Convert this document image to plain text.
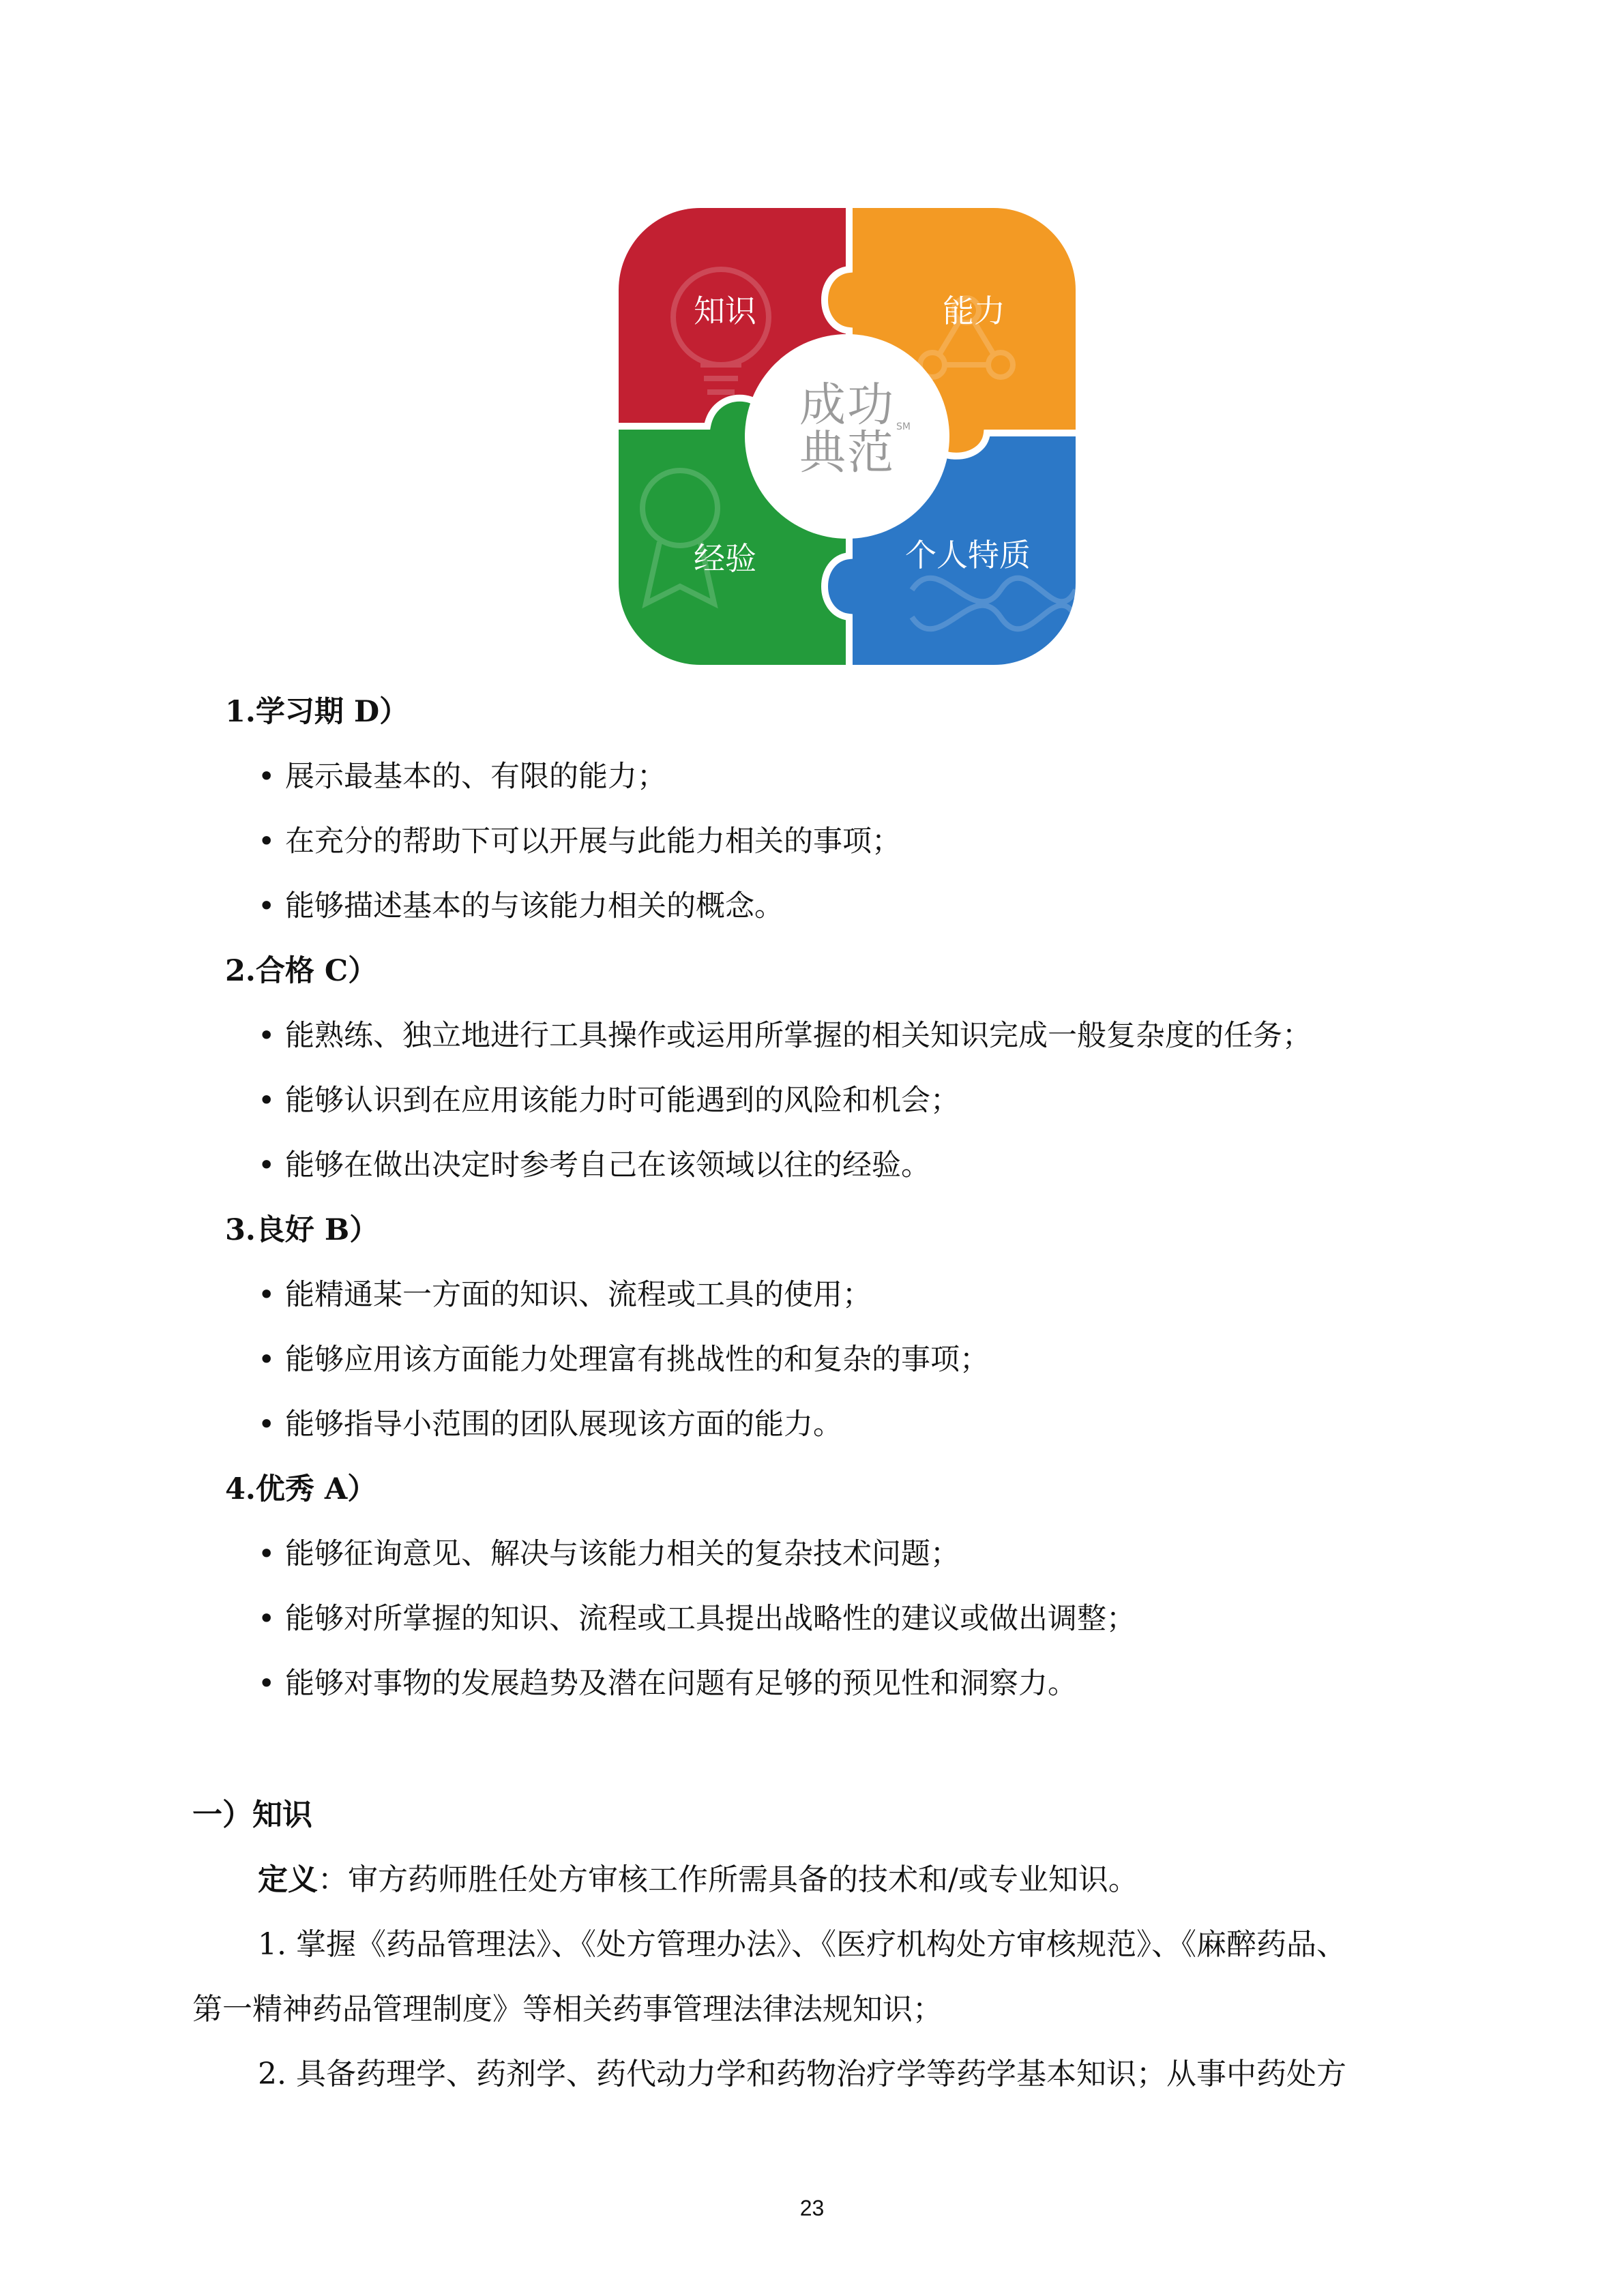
成功
典范 SM
知识	能力
经验	个人特质
1.学习期 D）
• 展示最基本的、有限的能力；
• 在充分的帮助下可以开展与此能力相关的事项；
• 能够描述基本的与该能力相关的概念。
2.合格 C）
• 能熟练、独立地进行工具操作或运用所掌握的相关知识完成一般复杂度的任务；
• 能够认识到在应用该能力时可能遇到的风险和机会；
• 能够在做出决定时参考自己在该领域以往的经验。
3.良好 B）
• 能精通某一方面的知识、流程或工具的使用；
• 能够应用该方面能力处理富有挑战性的和复杂的事项；
• 能够指导小范围的团队展现该方面的能力。
4.优秀 A）
• 能够征询意见、解决与该能力相关的复杂技术问题；
• 能够对所掌握的知识、流程或工具提出战略性的建议或做出调整；
• 能够对事物的发展趋势及潜在问题有足够的预见性和洞察力。
一）知识
定义：审方药师胜任处方审核工作所需具备的技术和/或专业知识。
1. 掌握《药品管理法》、《处方管理办法》、《医疗机构处方审核规范》、《麻醉药品、
第一精神药品管理制度》等相关药事管理法律法规知识；
2. 具备药理学、药剂学、药代动力学和药物治疗学等药学基本知识；从事中药处方
23
